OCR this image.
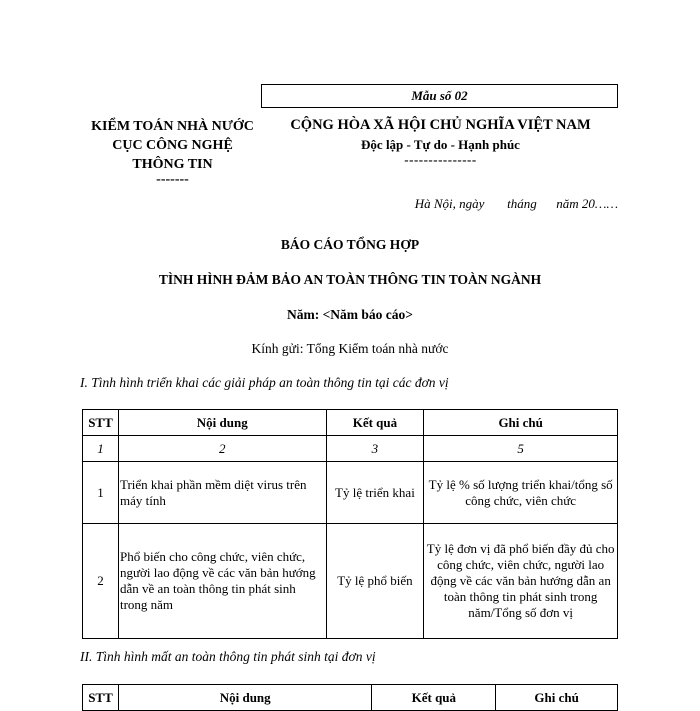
Mẫu số 02
KIỂM TOÁN NHÀ NƯỚC
CỤC CÔNG NGHỆ
THÔNG TIN
-------
CỘNG HÒA XÃ HỘI CHỦ NGHĨA VIỆT NAM
Độc lập - Tự do - Hạnh phúc
---------------
Hà Nội, ngày       tháng      năm 20……
BÁO CÁO TỔNG HỢP
TÌNH HÌNH ĐẢM BẢO AN TOÀN THÔNG TIN TOÀN NGÀNH
Năm: <Năm báo cáo>
Kính gửi: Tổng Kiểm toán nhà nước
I. Tình hình triển khai các giải pháp an toàn thông tin tại các đơn vị
STT	Nội dung	Kết quả	Ghi chú
1	2	3	5
1	Triển khai phần mềm diệt virus trên máy tính	Tỷ lệ triển khai	Tỷ lệ % số lượng triển khai/tổng số công chức, viên chức
2	Phổ biến cho công chức, viên chức, người lao động về các văn bản hướng dẫn về an toàn thông tin phát sinh trong năm	Tỷ lệ phổ biến	Tỷ lệ đơn vị đã phổ biến đầy đủ cho công chức, viên chức, người lao động về các văn bản hướng dẫn an toàn thông tin phát sinh trong năm/Tổng số đơn vị
II. Tình hình mất an toàn thông tin phát sinh tại đơn vị
STT	Nội dung	Kết quả	Ghi chú
